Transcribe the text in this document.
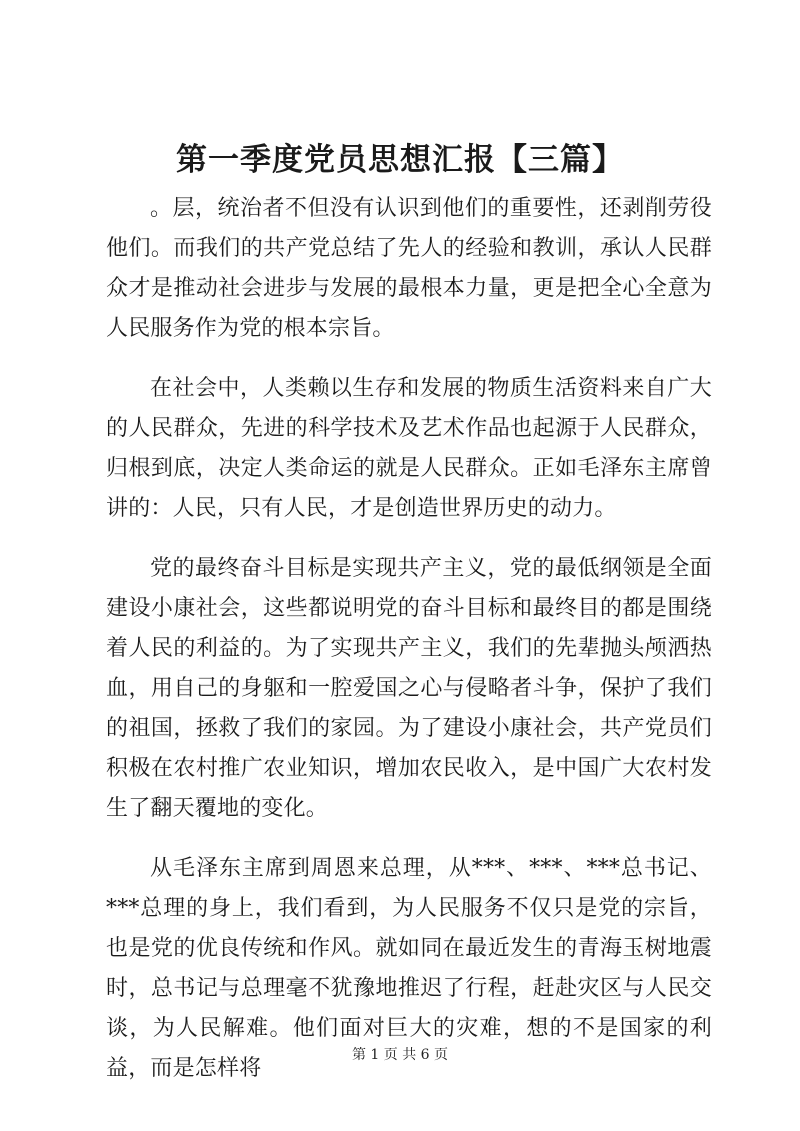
第一季度党员思想汇报【三篇】

。层，统治者不但没有认识到他们的重要性，还剥削劳役他们。而我们的共产党总结了先人的经验和教训，承认人民群众才是推动社会进步与发展的最根本力量，更是把全心全意为人民服务作为党的根本宗旨。

在社会中，人类赖以生存和发展的物质生活资料来自广大的人民群众，先进的科学技术及艺术作品也起源于人民群众，归根到底，决定人类命运的就是人民群众。正如毛泽东主席曾讲的：人民，只有人民，才是创造世界历史的动力。

党的最终奋斗目标是实现共产主义，党的最低纲领是全面建设小康社会，这些都说明党的奋斗目标和最终目的都是围绕着人民的利益的。为了实现共产主义，我们的先辈抛头颅洒热血，用自己的身躯和一腔爱国之心与侵略者斗争，保护了我们的祖国，拯救了我们的家园。为了建设小康社会，共产党员们积极在农村推广农业知识，增加农民收入，是中国广大农村发生了翻天覆地的变化。

从毛泽东主席到周恩来总理，从***、***、***总书记、***总理的身上，我们看到，为人民服务不仅只是党的宗旨，也是党的优良传统和作风。就如同在最近发生的青海玉树地震时，总书记与总理毫不犹豫地推迟了行程，赶赴灾区与人民交谈，为人民解难。他们面对巨大的灾难，想的不是国家的利益，而是怎样将

第 1 页 共 6 页
